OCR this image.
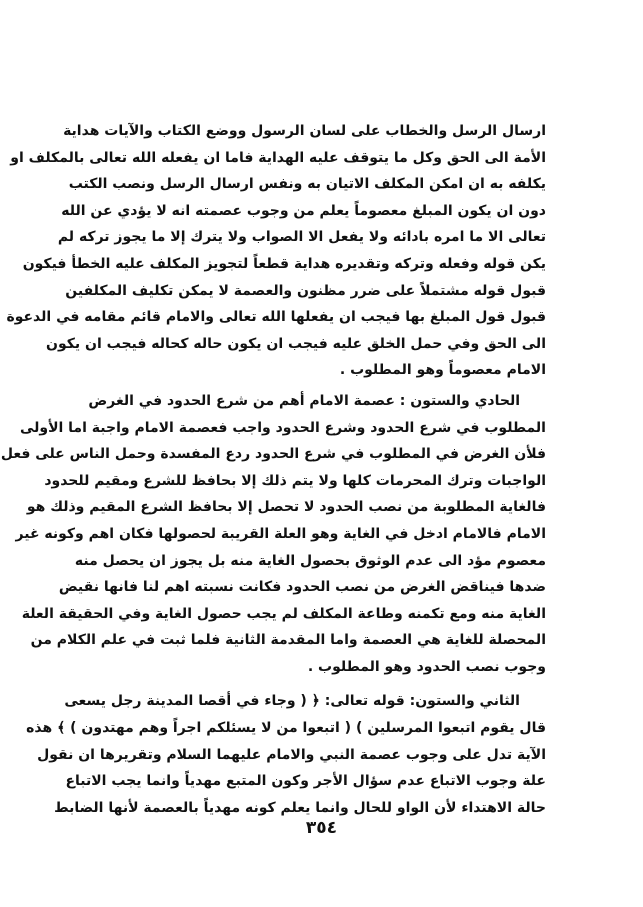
ارسال الرسل والخطاب على لسان الرسول ووضع الكتاب والآيات هداية
الأمة الى الحق وكل ما يتوقف عليه الهداية فاما ان يفعله الله تعالى بالمكلف او
يكلفه به ان امكن المكلف الاتيان به ونفس ارسال الرسل ونصب الكتب
دون ان يكون المبلغ معصوماً يعلم من وجوب عصمته انه لا يؤدي عن الله
تعالى الا ما امره بادائه ولا يفعل الا الصواب ولا يترك إلا ما يجوز تركه لم
يكن قوله وفعله وتركه وتقديره هداية قطعاً لتجويز المكلف عليه الخطأ فيكون
قبول قوله مشتملاً على ضرر مظنون والعصمة لا يمكن تكليف المكلفين
قبول قول المبلغ بها فيجب ان يفعلها الله تعالى والامام قائم مقامه في الدعوة
الى الحق وفي حمل الخلق عليه فيجب ان يكون حاله كحاله فيجب ان يكون
الامام معصوماً وهو المطلوب .
الحادي والستون : عصمة الامام أهم من شرع الحدود في الغرض
المطلوب في شرع الحدود وشرع الحدود واجب فعصمة الامام واجبة اما الأولى
فلأن الغرض في المطلوب في شرع الحدود ردع المفسدة وحمل الناس على فعل
الواجبات وترك المحرمات كلها ولا يتم ذلك إلا بحافظ للشرع ومقيم للحدود
فالغاية المطلوبة من نصب الحدود لا تحصل إلا بحافظ الشرع المقيم وذلك هو
الامام فالامام ادخل في الغاية وهو العلة القريبة لحصولها فكان اهم وكونه غير
معصوم مؤد الى عدم الوثوق بحصول الغاية منه بل يجوز ان يحصل منه
ضدها فيناقض الغرض من نصب الحدود فكانت نسبته اهم لنا فانها نقيض
الغاية منه ومع تكمنه وطاعة المكلف لم يجب حصول الغاية وفي الحقيقة العلة
المحصلة للغاية هي العصمة واما المقدمة الثانية فلما ثبت في علم الكلام من
وجوب نصب الحدود وهو المطلوب .
الثاني والستون: قوله تعالى: ﴿ ( وجاء في أقصا المدينة رجل يسعى
قال يقوم اتبعوا المرسلين ) ( اتبعوا من لا يسئلكم اجراً وهم مهتدون ) ﴾ هذه
الآية تدل على وجوب عصمة النبي والامام عليهما السلام وتقريرها ان نقول
علة وجوب الاتباع عدم سؤال الأجر وكون المتبع مهدياً وانما يجب الاتباع
حالة الاهتداء لأن الواو للحال وانما يعلم كونه مهدياً بالعصمة لأنها الضابط
٣٥٤
